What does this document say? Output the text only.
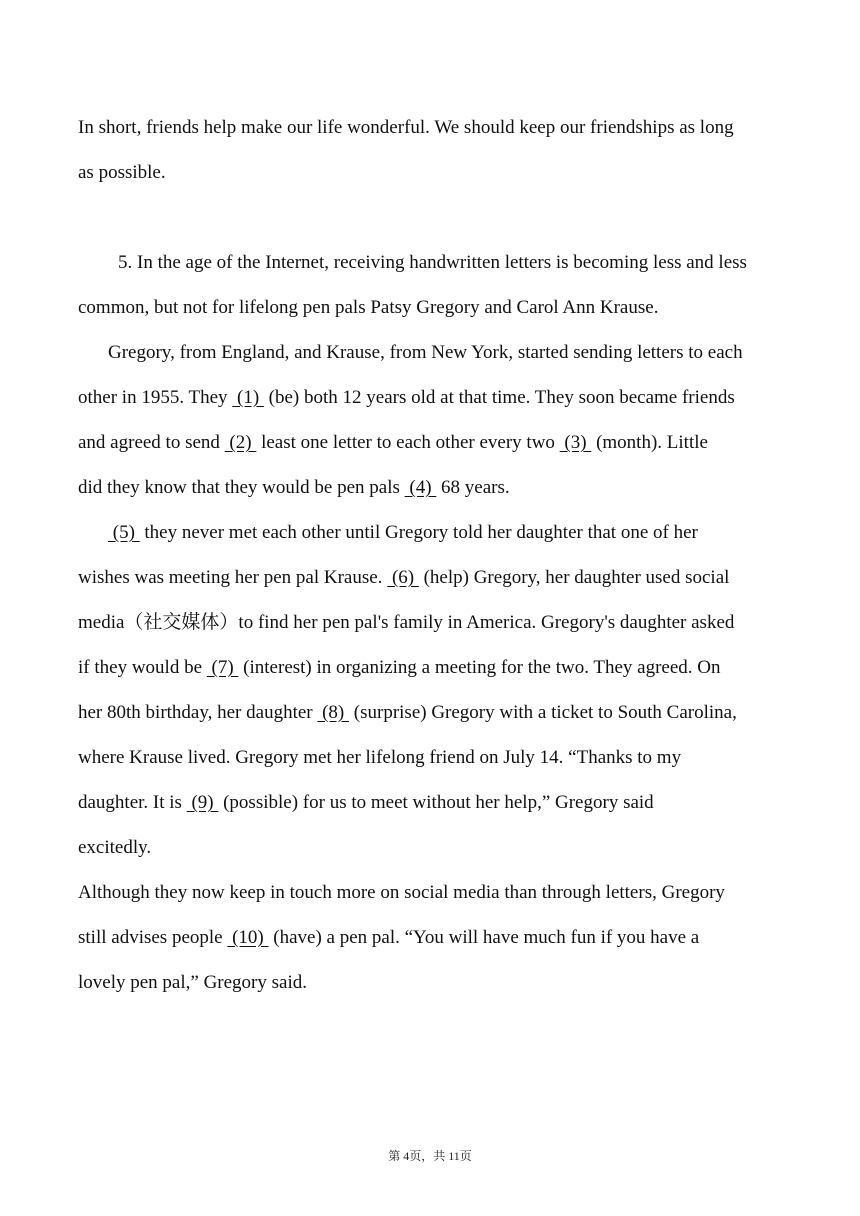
In short, friends help make our life wonderful. We should keep our friendships as long
as possible.
5. In the age of the Internet, receiving handwritten letters is becoming less and less
common, but not for lifelong pen pals Patsy Gregory and Carol Ann Krause.
Gregory, from England, and Krause, from New York, started sending letters to each
other in 1955. They  (1)  (be) both 12 years old at that time. They soon became friends
and agreed to send  (2)  least one letter to each other every two  (3)  (month). Little
did they know that they would be pen pals  (4)  68 years.
(5)  they never met each other until Gregory told her daughter that one of her
wishes was meeting her pen pal Krause.  (6)  (help) Gregory, her daughter used social
media（社交媒体）to find her pen pal's family in America. Gregory's daughter asked
if they would be  (7)  (interest) in organizing a meeting for the two. They agreed. On
her 80th birthday, her daughter  (8)  (surprise) Gregory with a ticket to South Carolina,
where Krause lived. Gregory met her lifelong friend on July 14. “Thanks to my
daughter. It is  (9)  (possible) for us to meet without her help,” Gregory said
excitedly.
Although they now keep in touch more on social media than through letters, Gregory
still advises people  (10)  (have) a pen pal. “You will have much fun if you have a
lovely pen pal,” Gregory said.
第 4页，共 11页
